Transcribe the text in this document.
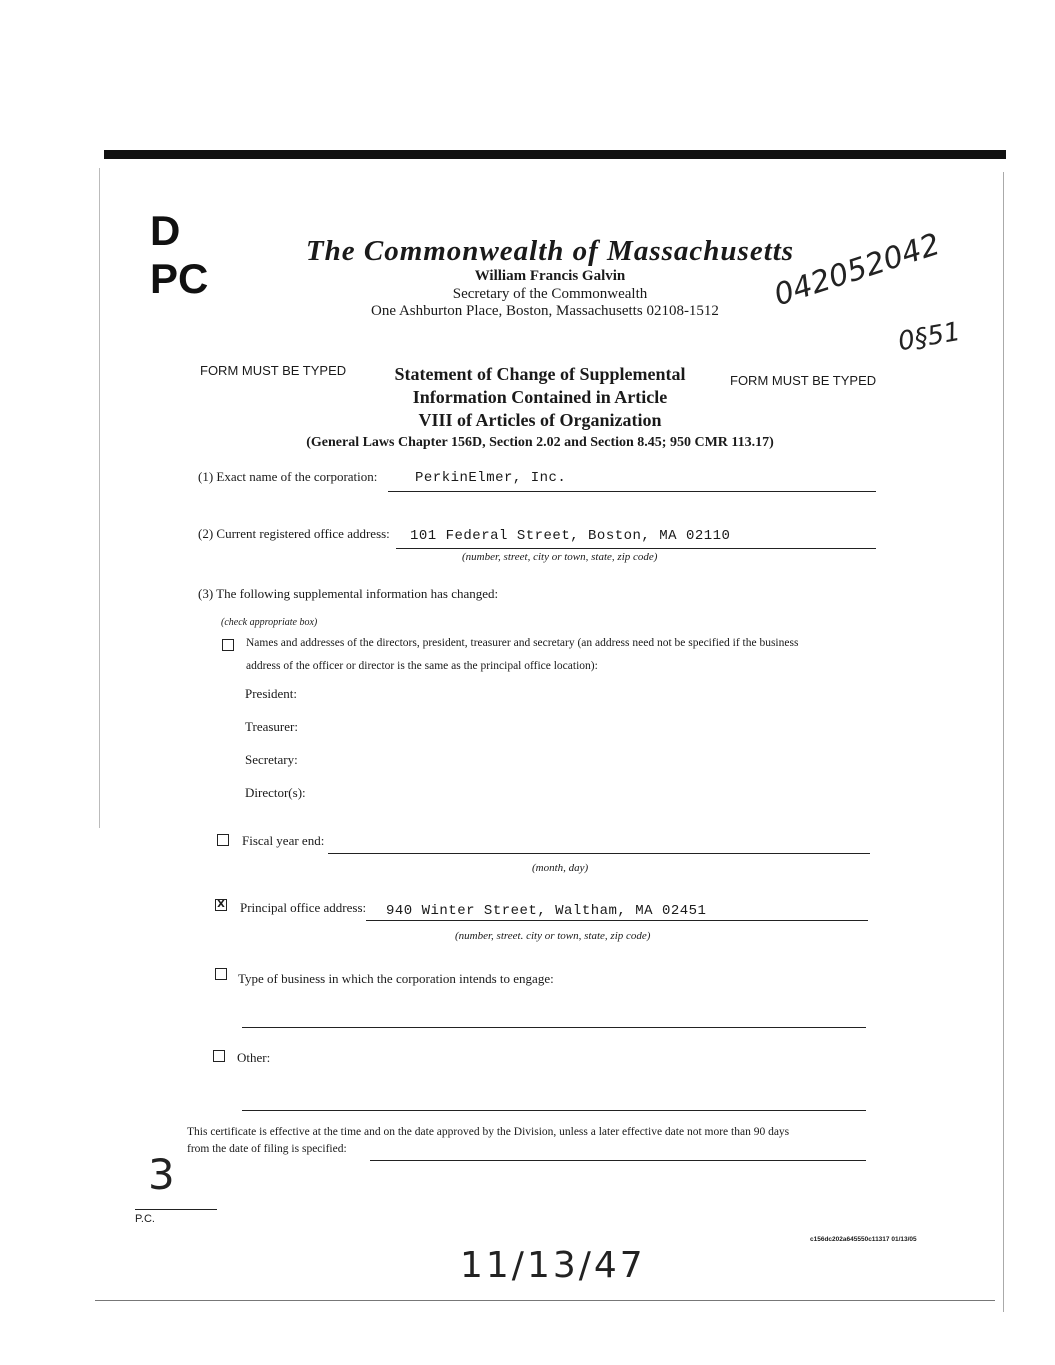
D
PC
The Commonwealth of Massachusetts
William Francis Galvin
Secretary of the Commonwealth
One Ashburton Place, Boston, Massachusetts 02108-1512	042052042
0§51
FORM MUST BE TYPED
FORM MUST BE TYPED
Statement of Change of Supplemental
Information Contained in Article
VIII of Articles of Organization
(General Laws Chapter 156D, Section 2.02 and Section 8.45; 950 CMR 113.17)
(1) Exact name of the corporation:	PerkinElmer, Inc.
(2) Current registered office address: 101 Federal Street, Boston, MA 02110
(number, street, city or town, state, zip code)
(3) The following supplemental information has changed:
(check appropriate box)
Names and addresses of the directors, president, treasurer and secretary (an address need not be specified if the business
address of the officer or director is the same as the principal office location):
President:
Treasurer:
Secretary:
Director(s):
Fiscal year end:
(month, day)
X Principal office address: 940 Winter Street, Waltham, MA 02451
(number, street. city or town, state, zip code)
Type of business in which the corporation intends to engage:
Other:
This certificate is effective at the time and on the date approved by the Division, unless a later effective date not more than 90 days
from the date of filing is specified:
3
P.C.
c156dc202a645550c11317 01/13/05
11/13/47
